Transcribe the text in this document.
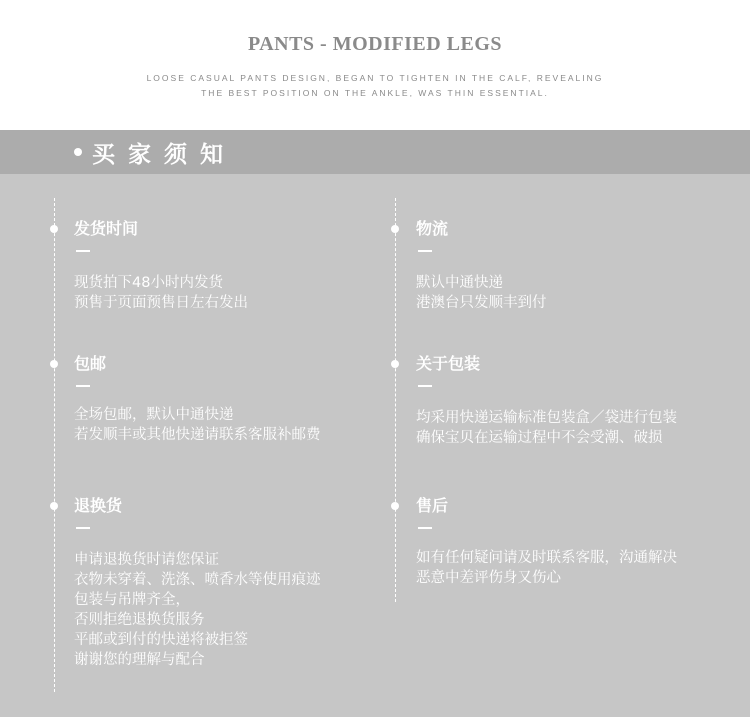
PANTS - MODIFIED LEGS
LOOSE CASUAL PANTS DESIGN, BEGAN TO TIGHTEN IN THE CALF, REVEALING
THE BEST POSITION ON THE ANKLE, WAS THIN ESSENTIAL.
买家须知
发货时间
现货拍下48小时内发货
预售于页面预售日左右发出
包邮
全场包邮，默认中通快递
若发顺丰或其他快递请联系客服补邮费
退换货
申请退换货时请您保证
衣物未穿着、洗涤、喷香水等使用痕迹
包装与吊牌齐全，
否则拒绝退换货服务
平邮或到付的快递将被拒签
谢谢您的理解与配合
物流
默认中通快递
港澳台只发顺丰到付
关于包装
均采用快递运输标准包装盒／袋进行包装
确保宝贝在运输过程中不会受潮、破损
售后
如有任何疑问请及时联系客服，沟通解决
恶意中差评伤身又伤心
